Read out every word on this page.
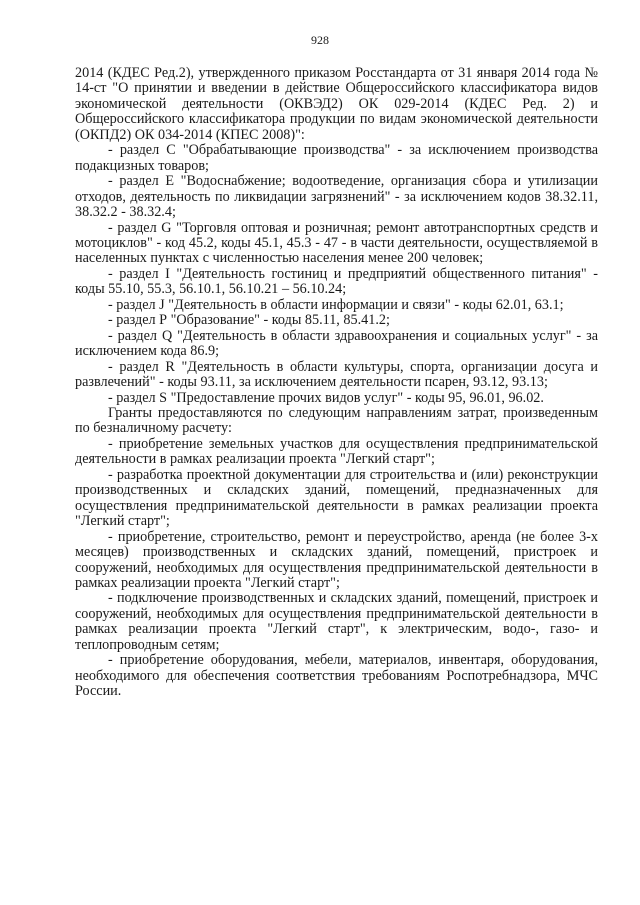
928

2014 (КДЕС Ред.2), утвержденного приказом Росстандарта от 31 января 2014 года № 14-ст "О принятии и введении в действие Общероссийского классификатора видов экономической деятельности (ОКВЭД2) ОК 029-2014 (КДЕС Ред. 2) и Общероссийского классификатора продукции по видам экономической деятельности (ОКПД2) ОК 034-2014 (КПЕС 2008)":

- раздел С "Обрабатывающие производства" - за исключением производства подакцизных товаров;

- раздел Е "Водоснабжение; водоотведение, организация сбора и утилизации отходов, деятельность по ликвидации загрязнений" - за исключением кодов 38.32.11, 38.32.2 - 38.32.4;

- раздел G "Торговля оптовая и розничная; ремонт автотранспортных средств и мотоциклов" - код 45.2, коды 45.1, 45.3 - 47 - в части деятельности, осуществляемой в населенных пунктах с численностью населения менее 200 человек;

- раздел I "Деятельность гостиниц и предприятий общественного питания" - коды 55.10, 55.3, 56.10.1, 56.10.21 – 56.10.24;

- раздел J "Деятельность в области информации и связи" - коды 62.01, 63.1;

- раздел Р "Образование" - коды 85.11, 85.41.2;

- раздел Q "Деятельность в области здравоохранения и социальных услуг" - за исключением кода 86.9;

- раздел R "Деятельность в области культуры, спорта, организации досуга и развлечений" - коды 93.11, за исключением деятельности псарен, 93.12, 93.13;

- раздел S "Предоставление прочих видов услуг" - коды 95, 96.01, 96.02.

Гранты предоставляются по следующим направлениям затрат, произведенным по безналичному расчету:

- приобретение земельных участков для осуществления предпринимательской деятельности в рамках реализации проекта "Легкий старт";

- разработка проектной документации для строительства и (или) реконструкции производственных и складских зданий, помещений, предназначенных для осуществления предпринимательской деятельности в рамках реализации проекта "Легкий старт";

- приобретение, строительство, ремонт и переустройство, аренда (не более 3-х месяцев) производственных и складских зданий, помещений, пристроек и сооружений, необходимых для осуществления предпринимательской деятельности в рамках реализации проекта "Легкий старт";

- подключение производственных и складских зданий, помещений, пристроек и сооружений, необходимых для осуществления предпринимательской деятельности в рамках реализации проекта "Легкий старт", к электрическим, водо-, газо- и теплопроводным сетям;

- приобретение оборудования, мебели, материалов, инвентаря, оборудования, необходимого для обеспечения соответствия требованиям Роспотребнадзора, МЧС России.
